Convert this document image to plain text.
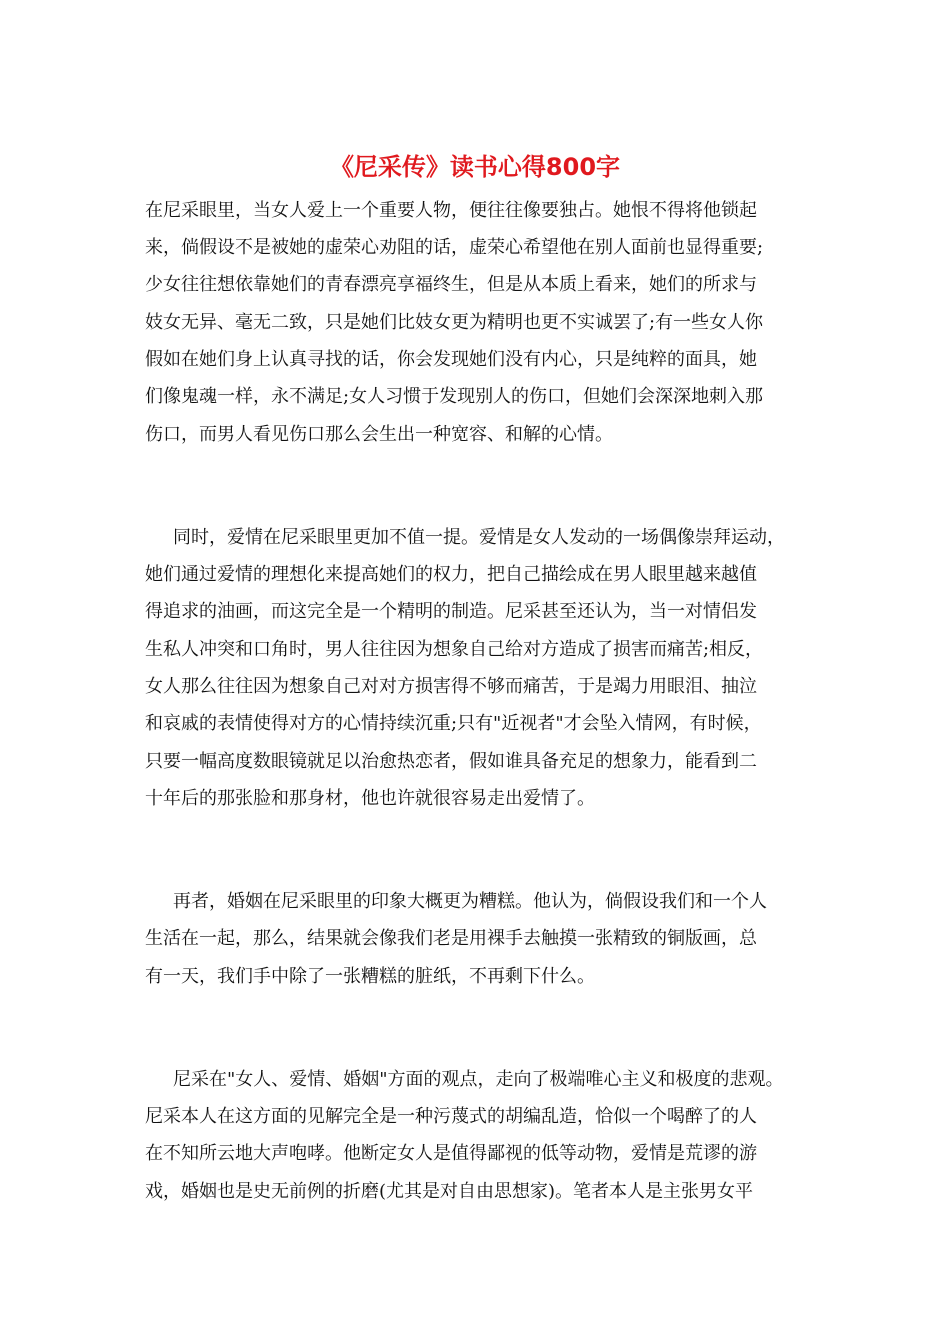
《尼采传》读书心得800字

在尼采眼里，当女人爱上一个重要人物，便往往像要独占。她恨不得将他锁起

来，倘假设不是被她的虚荣心劝阻的话，虚荣心希望他在别人面前也显得重要;

少女往往想依靠她们的青春漂亮享福终生，但是从本质上看来，她们的所求与

妓女无异、毫无二致，只是她们比妓女更为精明也更不实诚罢了;有一些女人你

假如在她们身上认真寻找的话，你会发现她们没有内心，只是纯粹的面具，她

们像鬼魂一样，永不满足;女人习惯于发现别人的伤口，但她们会深深地刺入那

伤口，而男人看见伤口那么会生出一种宽容、和解的心情。

同时，爱情在尼采眼里更加不值一提。爱情是女人发动的一场偶像崇拜运动，

她们通过爱情的理想化来提高她们的权力，把自己描绘成在男人眼里越来越值

得追求的油画，而这完全是一个精明的制造。尼采甚至还认为，当一对情侣发

生私人冲突和口角时，男人往往因为想象自己给对方造成了损害而痛苦;相反，

女人那么往往因为想象自己对对方损害得不够而痛苦，于是竭力用眼泪、抽泣

和哀戚的表情使得对方的心情持续沉重;只有"近视者"才会坠入情网，有时候，

只要一幅高度数眼镜就足以治愈热恋者，假如谁具备充足的想象力，能看到二

十年后的那张脸和那身材，他也许就很容易走出爱情了。

再者，婚姻在尼采眼里的印象大概更为糟糕。他认为，倘假设我们和一个人

生活在一起，那么，结果就会像我们老是用裸手去触摸一张精致的铜版画，总

有一天，我们手中除了一张糟糕的脏纸，不再剩下什么。

尼采在"女人、爱情、婚姻"方面的观点，走向了极端唯心主义和极度的悲观。

尼采本人在这方面的见解完全是一种污蔑式的胡编乱造，恰似一个喝醉了的人

在不知所云地大声咆哮。他断定女人是值得鄙视的低等动物，爱情是荒谬的游

戏，婚姻也是史无前例的折磨(尤其是对自由思想家)。笔者本人是主张男女平
